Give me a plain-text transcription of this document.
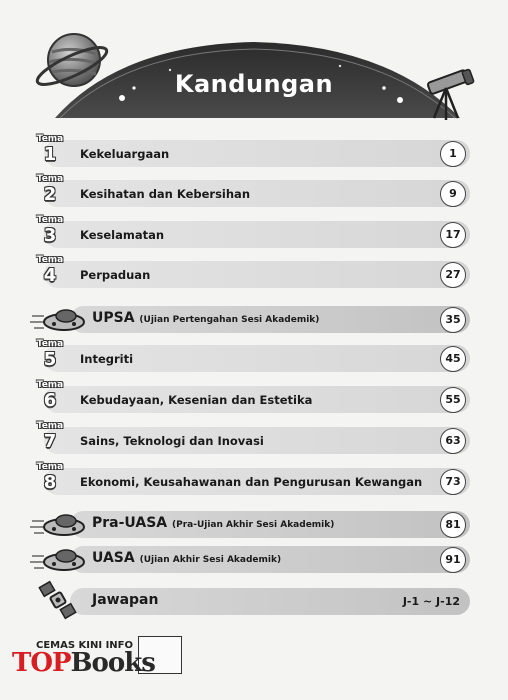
Kandungan
Tema
1	Kekeluargaan	1
Tema
2	Kesihatan dan Kebersihan	9
Tema
3	Keselamatan	17
Tema
4	Perpaduan	27
UPSA (Ujian Pertengahan Sesi Akademik)	35
Tema
5	Integriti	45
Tema
6	Kebudayaan, Kesenian dan Estetika	55
Tema
7	Sains, Teknologi dan Inovasi	63
Tema
8	Ekonomi, Keusahawanan dan Pengurusan Kewangan	73
Pra-UASA (Pra-Ujian Akhir Sesi Akademik)	81
UASA (Ujian Akhir Sesi Akademik)	91
Jawapan	J-1 ~ J-12
CEMAS KINI INFO
TOPBooks
